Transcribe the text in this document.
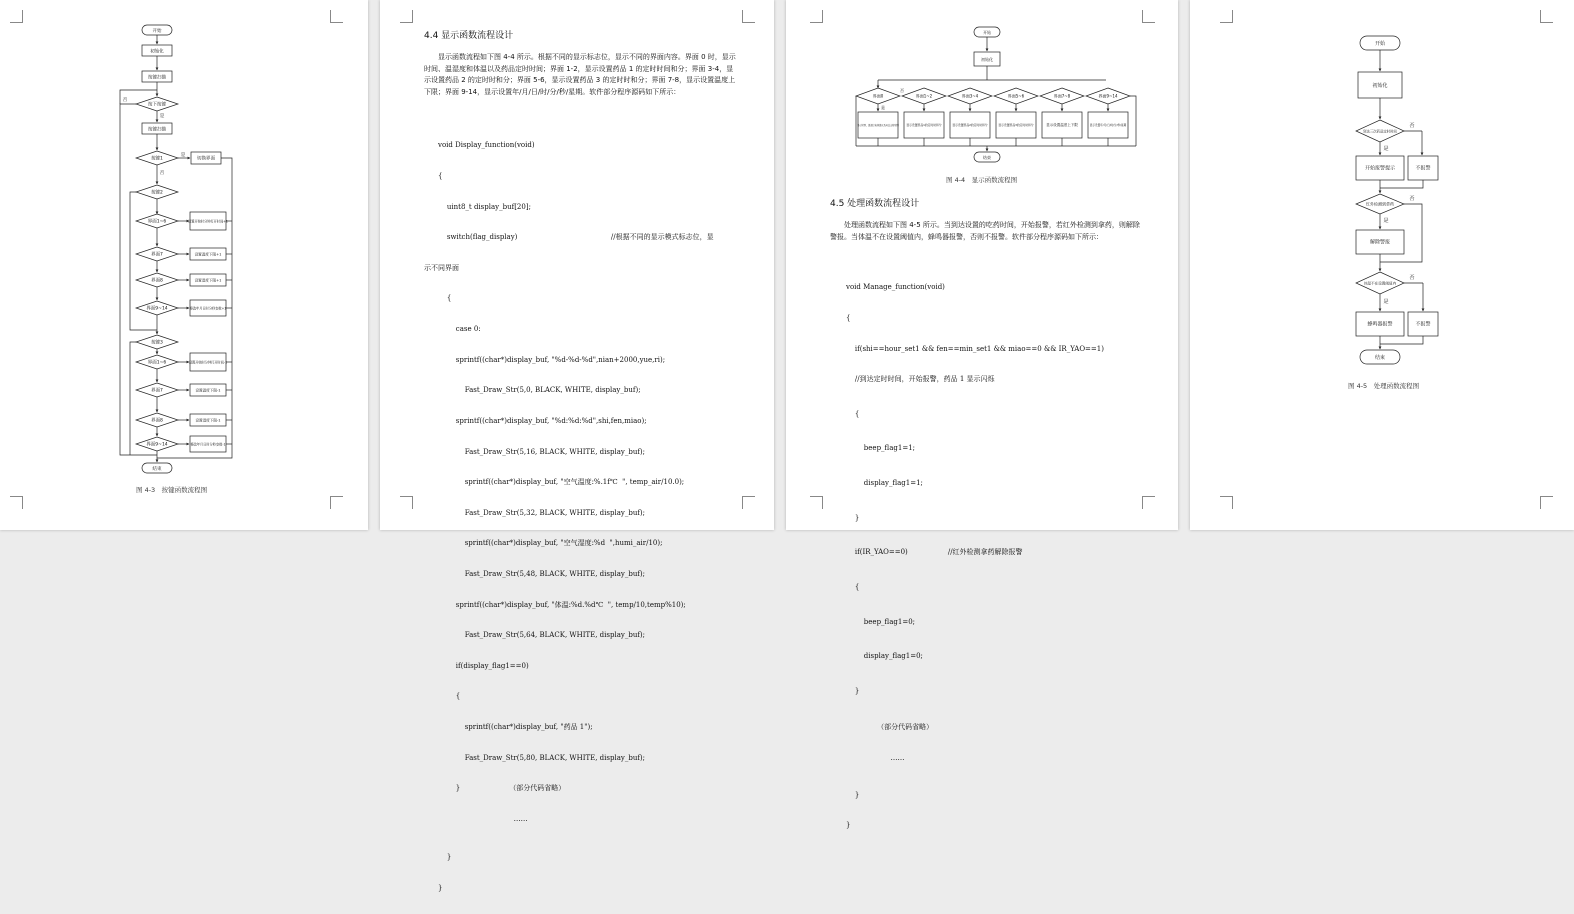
开始
初始化
按键扫描
按下按键
按键扫描
按键1	切换界面
按键2
界面1~6	设置开始时分钟打开时间+1
界面7	设置温度下限+1
界面8	设置湿度下限+1
界面9~14	修改年月日时分秒参数+1
按键3
界面1~6	设置开始时分钟打开时间-1
界面7	设置温度下限-1
界面8	设置湿度下限-1
界面9~14	修改年月日时分秒参数-1
结束
是
是
否
否
图 4-3　按键函数流程图
4.4 显示函数流程设计
显示函数流程如下图 4-4 所示。根据不同的显示标志位，显示不同的界面内容。界面 0 时，显示时间、温湿度和体温以及药品定时时间；界面 1-2，显示设置药品 1 的定时时间和分；界面 3-4，显示设置药品 2 的定时时和分；界面 5-6，显示设置药品 3 的定时时和分；界面 7-8，显示设置温度上下限；界面 9-14，显示设置年/月/日/时/分/秒/星期。软件部分程序源码如下所示：

void Display_function(void)

{

uint8_t display_buf[20];

switch(flag_display)                                          //根据不同的显示模式标志位，显

示不同界面

{

case 0:

sprintf((char*)display_buf, "%d-%d-%d",nian+2000,yue,ri);

Fast_Draw_Str(5,0, BLACK, WHITE, display_buf);

sprintf((char*)display_buf, "%d:%d:%d",shi,fen,miao);

Fast_Draw_Str(5,16, BLACK, WHITE, display_buf);

sprintf((char*)display_buf, "空气温度:%.1f℃  ", temp_air/10.0);

Fast_Draw_Str(5,32, BLACK, WHITE, display_buf);

sprintf((char*)display_buf, "空气湿度:%d  ",humi_air/10);

Fast_Draw_Str(5,48, BLACK, WHITE, display_buf);

sprintf((char*)display_buf, "体温:%d.%d℃  ", temp/10,temp%10);

Fast_Draw_Str(5,64, BLACK, WHITE, display_buf);

if(display_flag1==0)

{

sprintf((char*)display_buf, "药品 1");

Fast_Draw_Str(5,80, BLACK, WHITE, display_buf);

}                      （部分代码省略）

……

}

}

开始
初始化
界面0	界面1~2	界面3~4	界面5~6	界面7~8	界面9~14
显示时间，温湿度和体温以及药品定时时间	显示设置药品1的定时时和分	显示设置药品2的定时时和分	显示设置药品3的定时时和分	显示设置温度上下限	显示设置年/月/日/时/分/秒/星期
结束
是
否
图 4-4　显示函数流程图
4.5 处理函数流程设计
处理函数流程如下图 4-5 所示。当到达设置的吃药时间，开始报警，若红外检测到拿药，则解除警报。当体温不在设置阈值内，蜂鸣器报警，否则不报警。软件部分程序源码如下所示：

void Manage_function(void)

{

if(shi==hour_set1 && fen==min_set1 && miao==0 && IR_YAO==1)

//到达定时时间，开始报警，药品 1 显示闪烁

{

beep_flag1=1;

display_flag1=1;

}

if(IR_YAO==0)                  //红外检测拿药解除报警

{

beep_flag1=0;

display_flag1=0;

}

（部分代码省略）

……

}

}

开始
初始化
到达三次药品定时时间
开始报警提示	不报警
红外检测到拿药
解除警报
体温不在设置阈值内
蜂鸣器报警	不报警
结束
是
否
是
否
是
否
图 4-5　处理函数流程图
